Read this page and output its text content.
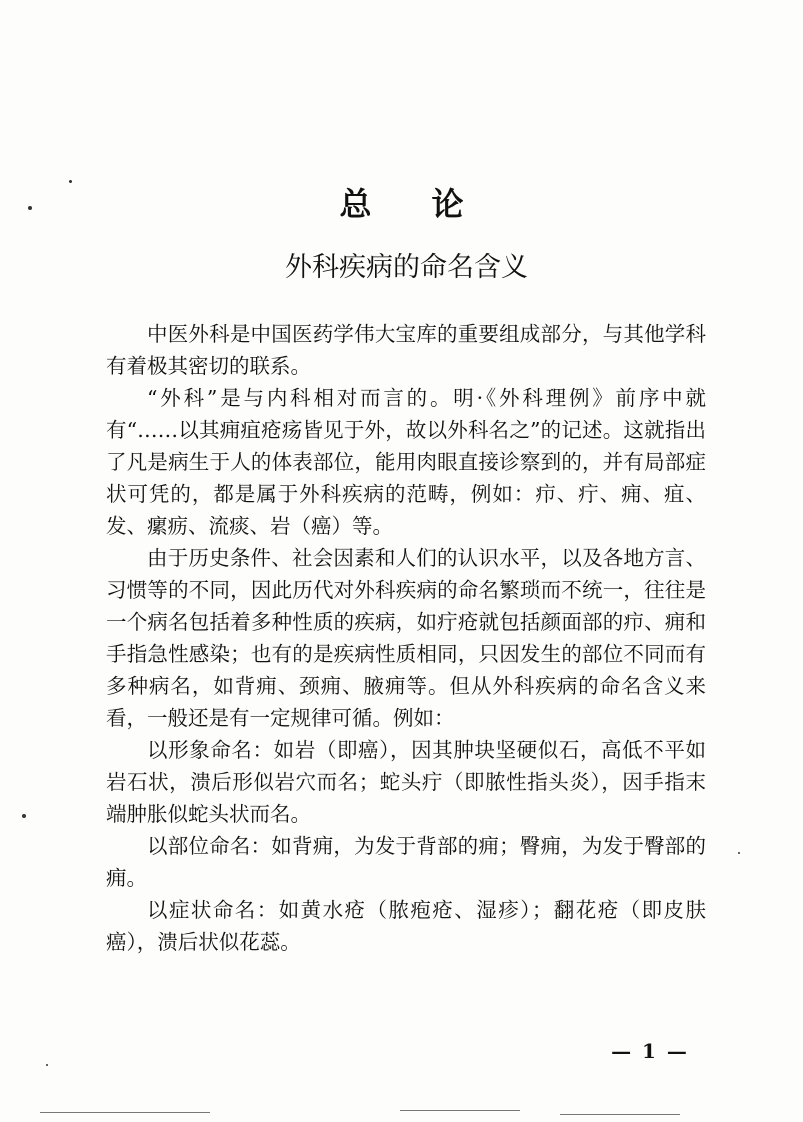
总 论
外科疾病的命名含义

中医外科是中国医药学伟大宝库的重要组成部分，与其他学科有着极其密切的联系。

“外科”是与内科相对而言的。明·《外科理例》前序中就有“……以其痈疽疮疡皆见于外，故以外科名之”的记述。这就指出了凡是病生于人的体表部位，能用肉眼直接诊察到的，并有局部症状可凭的，都是属于外科疾病的范畴，例如：疖、疔、痈、疽、发、瘰疬、流痰、岩（癌）等。

由于历史条件、社会因素和人们的认识水平，以及各地方言、习惯等的不同，因此历代对外科疾病的命名繁琐而不统一，往往是一个病名包括着多种性质的疾病，如疔疮就包括颜面部的疖、痈和手指急性感染；也有的是疾病性质相同，只因发生的部位不同而有多种病名，如背痈、颈痈、腋痈等。但从外科疾病的命名含义来看，一般还是有一定规律可循。例如：

以形象命名：如岩（即癌），因其肿块坚硬似石，高低不平如岩石状，溃后形似岩穴而名；蛇头疔（即脓性指头炎），因手指末端肿胀似蛇头状而名。

以部位命名：如背痈，为发于背部的痈；臀痈，为发于臀部的痈。

以症状命名：如黄水疮（脓疱疮、湿疹）；翻花疮（即皮肤癌），溃后状似花蕊。

— 1 —
